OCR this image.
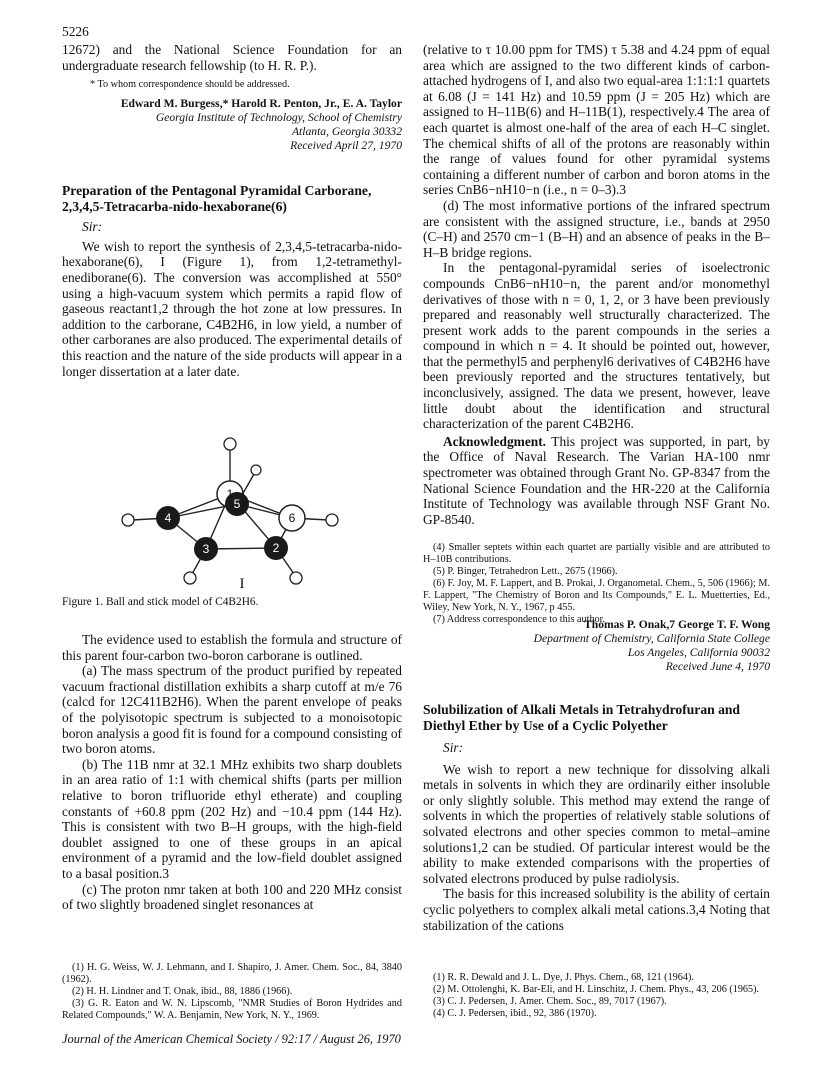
5226

12672) and the National Science Foundation for an undergraduate research fellowship (to H. R. P.).

* To whom correspondence should be addressed.

Edward M. Burgess,* Harold R. Penton, Jr., E. A. Taylor

Georgia Institute of Technology, School of Chemistry

Atlanta, Georgia 30332

Received April 27, 1970

Preparation of the Pentagonal Pyramidal Carborane, 2,3,4,5-Tetracarba-nido-hexaborane(6)

Sir:

We wish to report the synthesis of 2,3,4,5-tetracarba-nido-hexaborane(6), I (Figure 1), from 1,2-tetramethyl-enediborane(6). The conversion was accomplished at 550° using a high-vacuum system which permits a rapid flow of gaseous reactant1,2 through the hot zone at low pressures. In addition to the carborane, C4B2H6, in low yield, a number of other carboranes are also produced. The experimental details of this reaction and the nature of the side products will appear in a longer dissertation at a later date.

1
2
3
4
5
6
I
Figure 1. Ball and stick model of C4B2H6.

The evidence used to establish the formula and structure of this parent four-carbon two-boron carborane is outlined.

(a) The mass spectrum of the product purified by repeated vacuum fractional distillation exhibits a sharp cutoff at m/e 76 (calcd for 12C411B2H6). When the parent envelope of peaks of the polyisotopic spectrum is subjected to a monoisotopic boron analysis a good fit is found for a compound consisting of two boron atoms.

(b) The 11B nmr at 32.1 MHz exhibits two sharp doublets in an area ratio of 1:1 with chemical shifts (parts per million relative to boron trifluoride ethyl etherate) and coupling constants of +60.8 ppm (202 Hz) and −10.4 ppm (144 Hz). This is consistent with two B–H groups, with the high-field doublet assigned to one of these groups in an apical environment of a pyramid and the low-field doublet assigned to a basal position.3

(c) The proton nmr taken at both 100 and 220 MHz consist of two slightly broadened singlet resonances at

(1) H. G. Weiss, W. J. Lehmann, and I. Shapiro, J. Amer. Chem. Soc., 84, 3840 (1962).

(2) H. H. Lindner and T. Onak, ibid., 88, 1886 (1966).

(3) G. R. Eaton and W. N. Lipscomb, "NMR Studies of Boron Hydrides and Related Compounds," W. A. Benjamin, New York, N. Y., 1969.

(relative to τ 10.00 ppm for TMS) τ 5.38 and 4.24 ppm of equal area which are assigned to the two different kinds of carbon-attached hydrogens of I, and also two equal-area 1:1:1:1 quartets at 6.08 (J = 141 Hz) and 10.59 ppm (J = 205 Hz) which are assigned to H–11B(6) and H–11B(1), respectively.4 The area of each quartet is almost one-half of the area of each H–C singlet. The chemical shifts of all of the protons are reasonably within the range of values found for other pyramidal systems containing a different number of carbon and boron atoms in the series CnB6−nH10−n (i.e., n = 0–3).3

(d) The most informative portions of the infrared spectrum are consistent with the assigned structure, i.e., bands at 2950 (C–H) and 2570 cm−1 (B–H) and an absence of peaks in the B–H–B bridge regions.

In the pentagonal-pyramidal series of isoelectronic compounds CnB6−nH10−n, the parent and/or monomethyl derivatives of those with n = 0, 1, 2, or 3 have been previously prepared and reasonably well structurally characterized. The present work adds to the parent compounds in the series a compound in which n = 4. It should be pointed out, however, that the permethyl5 and perphenyl6 derivatives of C4B2H6 have been previously reported and the structures tentatively, but inconclusively, assigned. The data we present, however, leave little doubt about the identification and structural characterization of the parent C4B2H6.

Acknowledgment. This project was supported, in part, by the Office of Naval Research. The Varian HA-100 nmr spectrometer was obtained through Grant No. GP-8347 from the National Science Foundation and the HR-220 at the California Institute of Technology was available through NSF Grant No. GP-8540.

(4) Smaller septets within each quartet are partially visible and are attributed to H–10B contributions.

(5) P. Binger, Tetrahedron Lett., 2675 (1966).

(6) F. Joy, M. F. Lappert, and B. Prokai, J. Organometal. Chem., 5, 506 (1966); M. F. Lappert, "The Chemistry of Boron and Its Compounds," E. L. Muetterties, Ed., Wiley, New York, N. Y., 1967, p 455.

(7) Address correspondence to this author.

Thomas P. Onak,7 George T. F. Wong

Department of Chemistry, California State College

Los Angeles, California 90032

Received June 4, 1970

Solubilization of Alkali Metals in Tetrahydrofuran and Diethyl Ether by Use of a Cyclic Polyether

Sir:

We wish to report a new technique for dissolving alkali metals in solvents in which they are ordinarily either insoluble or only slightly soluble. This method may extend the range of solvents in which the properties of relatively stable solutions of solvated electrons and other species common to metal–amine solutions1,2 can be studied. Of particular interest would be the ability to make extended comparisons with the properties of solvated electrons produced by pulse radiolysis.

The basis for this increased solubility is the ability of certain cyclic polyethers to complex alkali metal cations.3,4 Noting that stabilization of the cations

(1) R. R. Dewald and J. L. Dye, J. Phys. Chem., 68, 121 (1964).

(2) M. Ottolenghi, K. Bar-Eli, and H. Linschitz, J. Chem. Phys., 43, 206 (1965).

(3) C. J. Pedersen, J. Amer. Chem. Soc., 89, 7017 (1967).

(4) C. J. Pedersen, ibid., 92, 386 (1970).

Journal of the American Chemical Society / 92:17 / August 26, 1970
